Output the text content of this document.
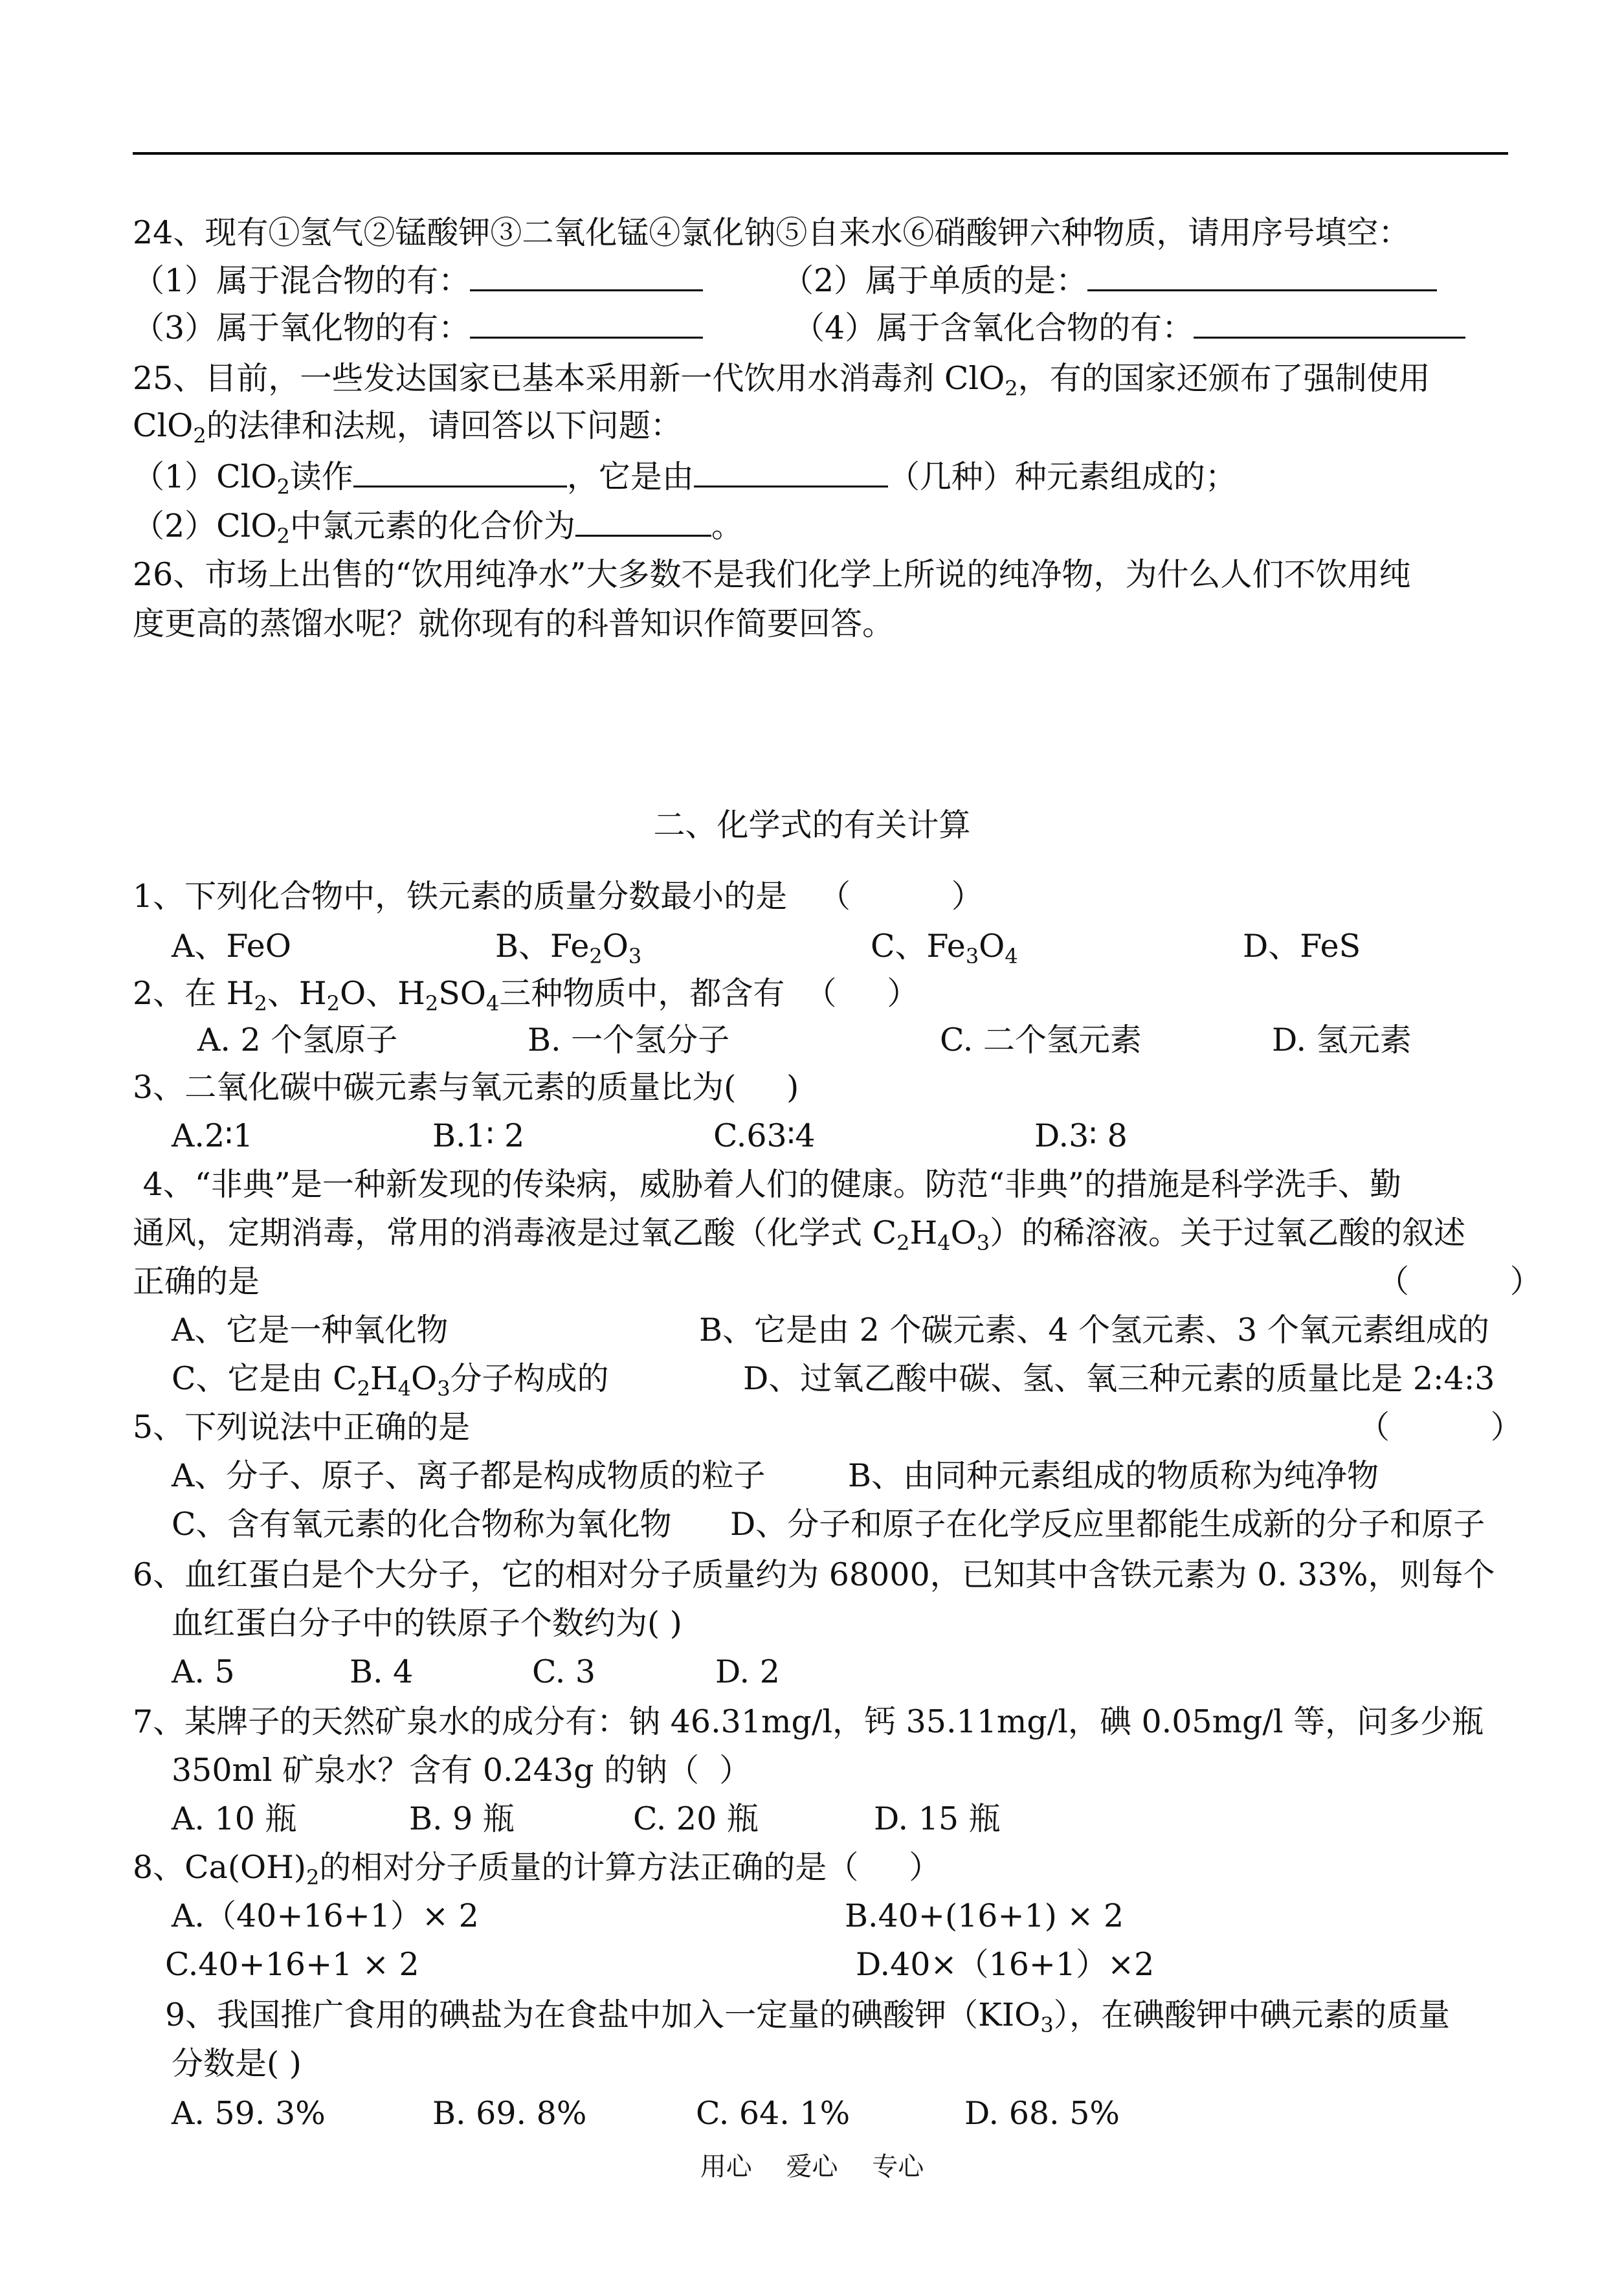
24、现有①氢气②锰酸钾③二氧化锰④氯化钠⑤自来水⑥硝酸钾六种物质，请用序号填空：
（1）属于混合物的有：	（2）属于单质的是：
（3）属于氧化物的有：	（4）属于含氧化合物的有：
25、目前，一些发达国家已基本采用新一代饮用水消毒剂 ClO$_2$，有的国家还颁布了强制使用
ClO$_2$的法律和法规，请回答以下问题：
（1）ClO$_2$读作	，它是由	（几种）种元素组成的；
（2）ClO$_2$中氯元素的化合价为	。
26、市场上出售的“饮用纯净水”大多数不是我们化学上所说的纯净物，为什么人们不饮用纯
度更高的蒸馏水呢？就你现有的科普知识作简要回答。
二、化学式的有关计算
1、下列化合物中，铁元素的质量分数最小的是 （          ）
A、FeO	B、$Fe_2O_3$	C、$Fe_3O_4$	D、FeS
2、在 $H_2$、$H_2O$、$H_2SO_4$三种物质中，都含有  （     ）
A. 2 个氢原子	B. 一个氢分子	C. 二个氢元素	D. 氢元素
3、二氧化碳中碳元素与氧元素的质量比为(     )
A.2∶1	B.1∶ 2	C.63∶4	D.3∶ 8
4、“非典”是一种新发现的传染病，威胁着人们的健康。防范“非典”的措施是科学洗手、勤
通风，定期消毒，常用的消毒液是过氧乙酸（化学式 $C_2H_4O_3$）的稀溶液。关于过氧乙酸的叙述
正确的是	（          ）
A、它是一种氧化物	B、它是由 2 个碳元素、4 个氢元素、3 个氧元素组成的
C、它是由 $C_2H_4O_3$分子构成的	D、过氧乙酸中碳、氢、氧三种元素的质量比是 2:4:3
5、下列说法中正确的是	（          ）
A、分子、原子、离子都是构成物质的粒子	B、由同种元素组成的物质称为纯净物
C、含有氧元素的化合物称为氧化物 D、分子和原子在化学反应里都能生成新的分子和原子
6、血红蛋白是个大分子，它的相对分子质量约为 68000，已知其中含铁元素为 0. 33%，则每个
血红蛋白分子中的铁原子个数约为( )
A. 5	B. 4	C. 3	D. 2
7、某牌子的天然矿泉水的成分有：钠 46.31mg/l，钙 35.11mg/l，碘 0.05mg/l 等，问多少瓶
350ml 矿泉水？含有 0.243g 的钠（  ）
A. 10 瓶	B. 9 瓶	C. 20 瓶	D. 15 瓶
8、$Ca(OH)_2$的相对分子质量的计算方法正确的是（     ）
A.（40+16+1）× 2	B.40+(16+1) × 2
C.40+16+1 × 2	D.40×（16+1）×2
9、我国推广食用的碘盐为在食盐中加入一定量的碘酸钾$(KIO_3)$，在碘酸钾中碘元素的质量
分数是( )
A. 59. 3%	B. 69. 8%	C. 64. 1%	D. 68. 5%
用心 爱心 专心
